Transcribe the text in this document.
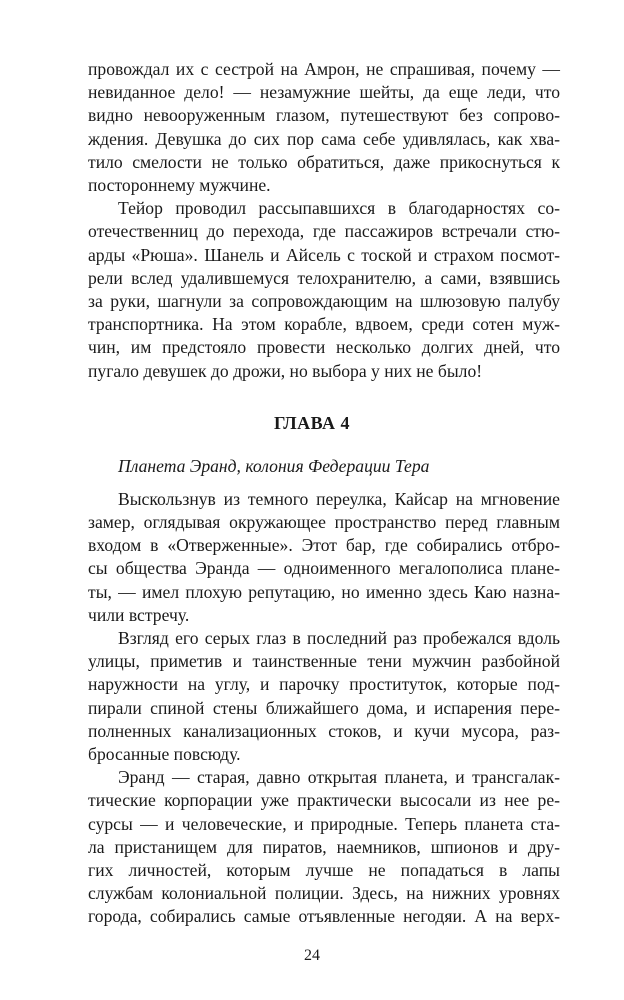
провождал их с сестрой на Амрон, не спрашивая, почему —
невиданное дело! — незамужние шейты, да еще леди, что
видно невооруженным глазом, путешествуют без сопрово-
ждения. Девушка до сих пор сама себе удивлялась, как хва-
тило смелости не только обратиться, даже прикоснуться к
постороннему мужчине.
Тейор проводил рассыпавшихся в благодарностях со-
отечественниц до перехода, где пассажиров встречали стю-
арды «Рюша». Шанель и Айсель с тоской и страхом посмот-
рели вслед удалившемуся телохранителю, а сами, взявшись
за руки, шагнули за сопровождающим на шлюзовую палубу
транспортника. На этом корабле, вдвоем, среди сотен муж-
чин, им предстояло провести несколько долгих дней, что
пугало девушек до дрожи, но выбора у них не было!
ГЛАВА 4
Планета Эранд, колония Федерации Тера
Выскользнув из темного переулка, Кайсар на мгновение
замер, оглядывая окружающее пространство перед главным
входом в «Отверженные». Этот бар, где собирались отбро-
сы общества Эранда — одноименного мегалополиса плане-
ты, — имел плохую репутацию, но именно здесь Каю назна-
чили встречу.
Взгляд его серых глаз в последний раз пробежался вдоль
улицы, приметив и таинственные тени мужчин разбойной
наружности на углу, и парочку проституток, которые под-
пирали спиной стены ближайшего дома, и испарения пере-
полненных канализационных стоков, и кучи мусора, раз-
бросанные повсюду.
Эранд — старая, давно открытая планета, и трансгалак-
тические корпорации уже практически высосали из нее ре-
сурсы — и человеческие, и природные. Теперь планета ста-
ла пристанищем для пиратов, наемников, шпионов и дру-
гих личностей, которым лучше не попадаться в лапы
службам колониальной полиции. Здесь, на нижних уровнях
города, собирались самые отъявленные негодяи. А на верх-
24
